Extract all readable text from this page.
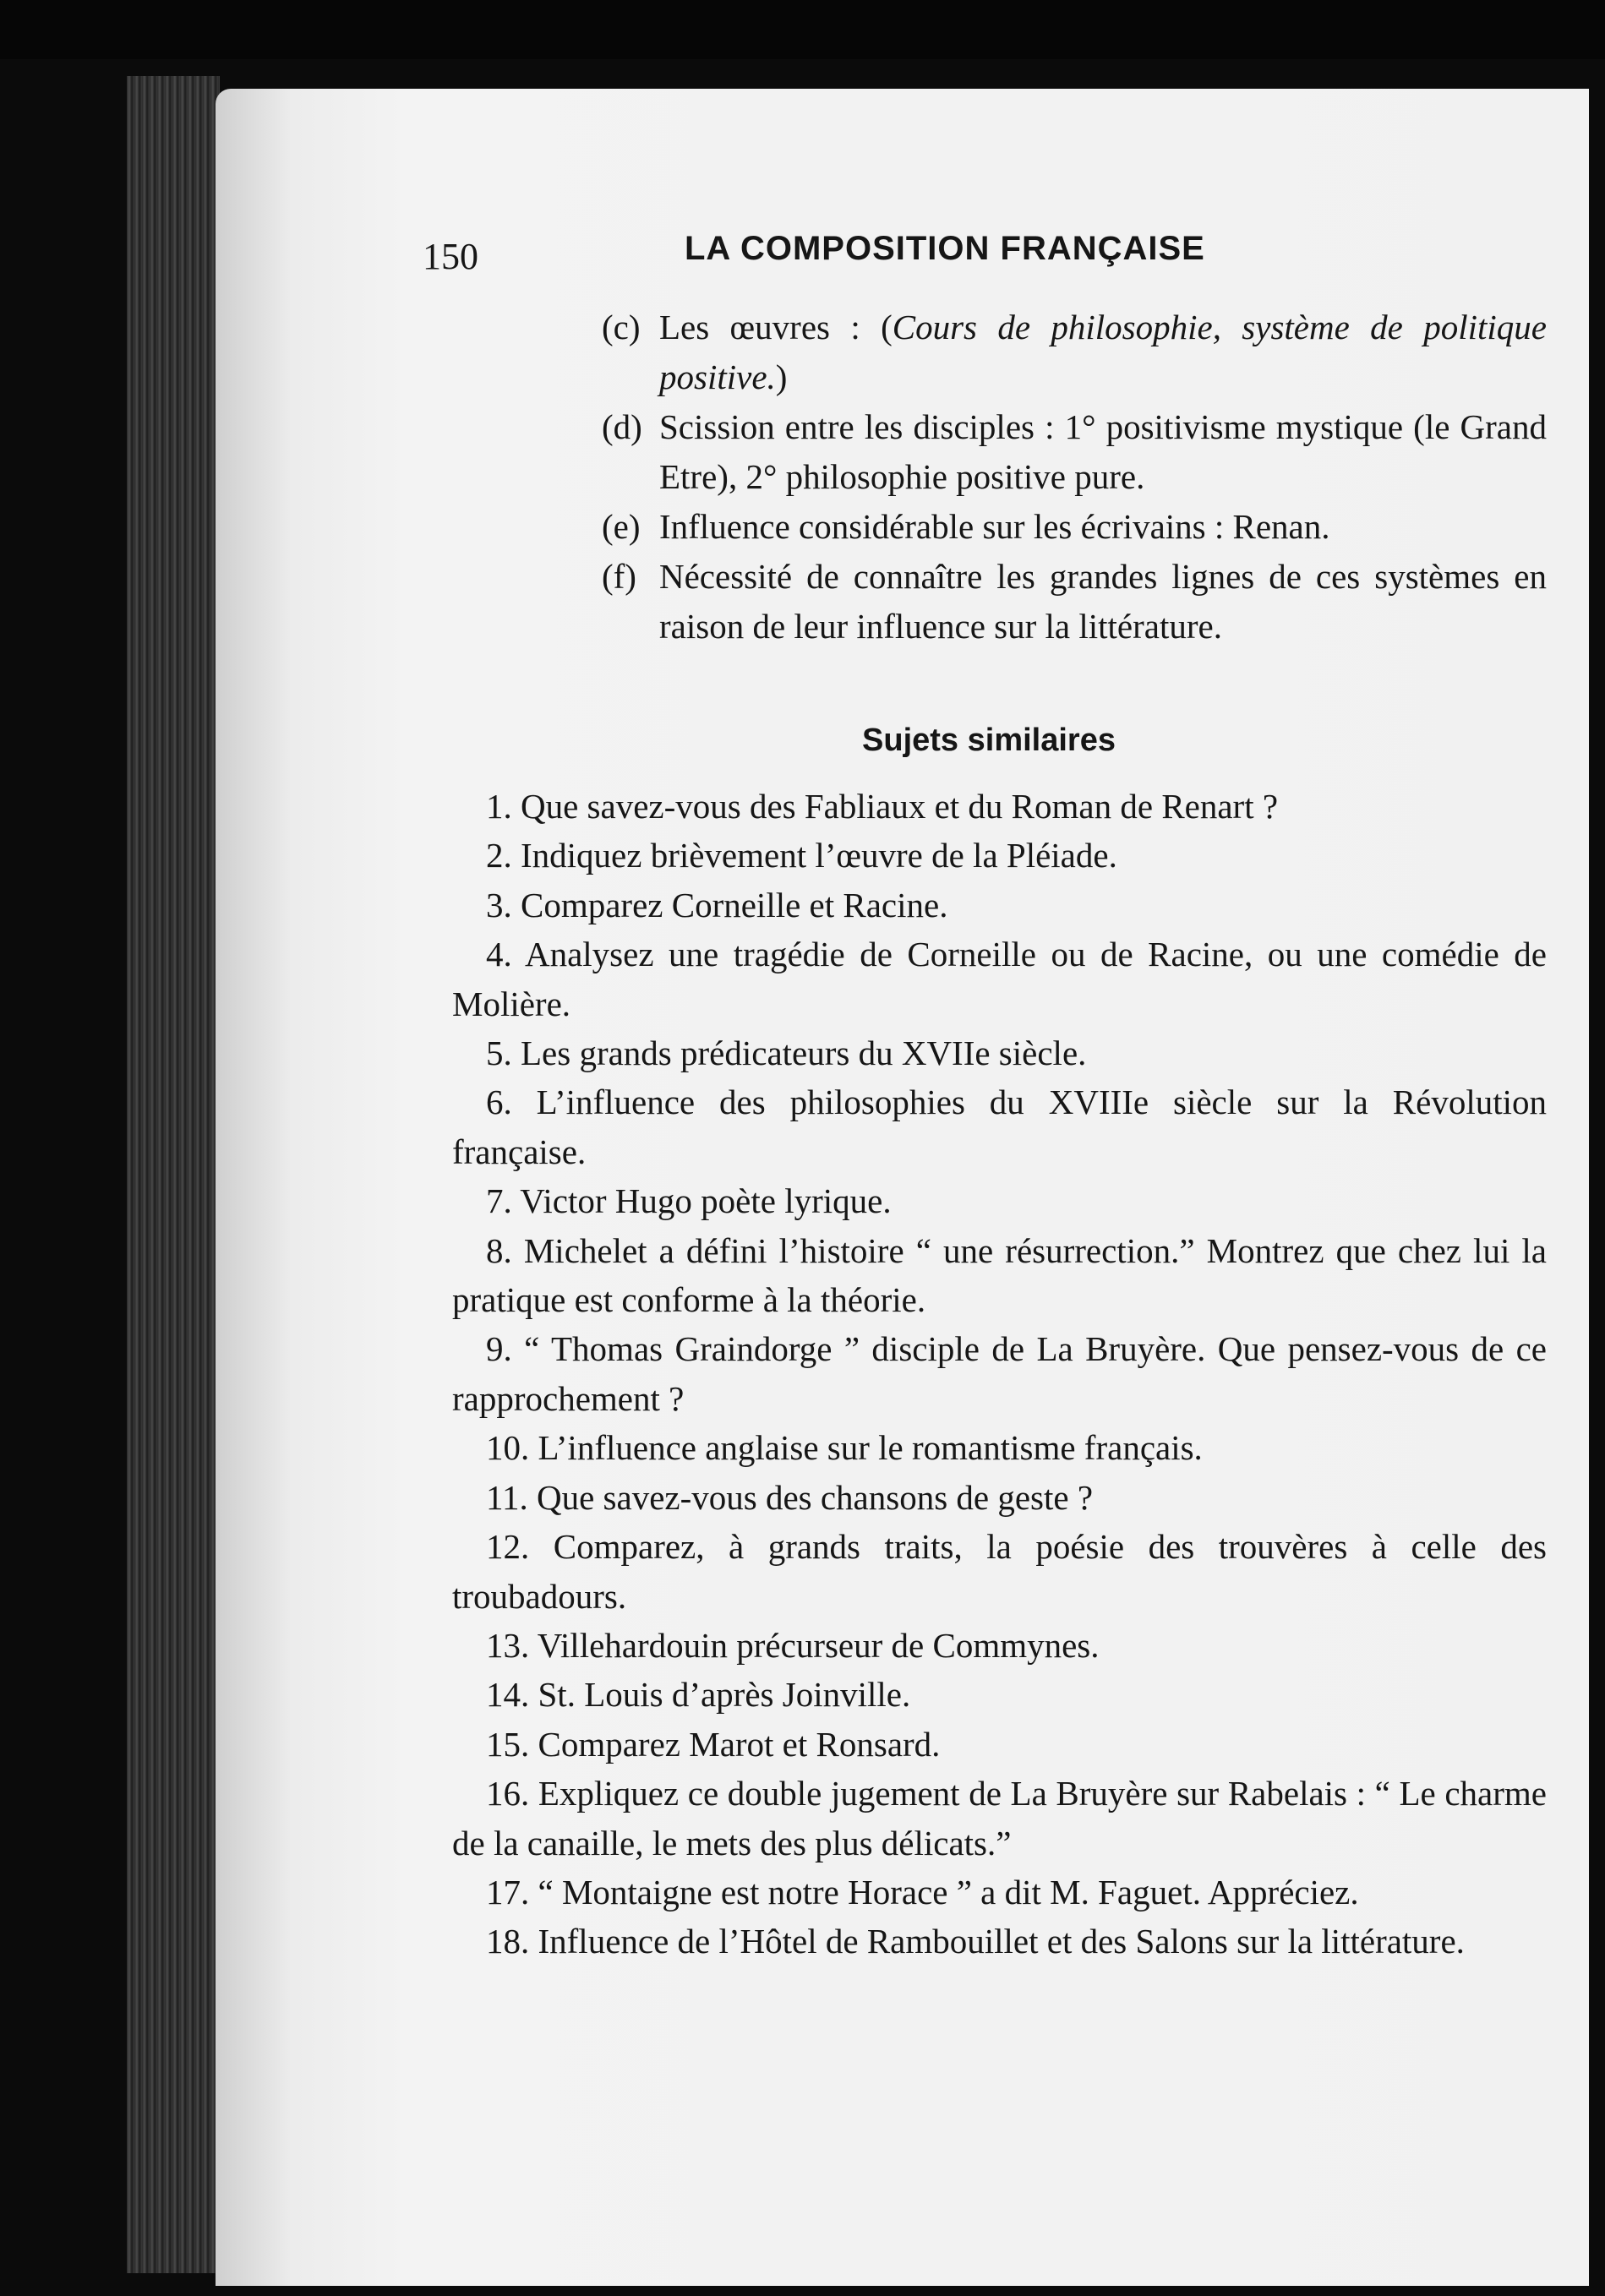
150	LA COMPOSITION FRANÇAISE

(c) Les œuvres : (Cours de philosophie, système de politique positive.)

(d) Scission entre les disciples : 1° positivisme mystique (le Grand Etre), 2° philosophie positive pure.

(e) Influence considérable sur les écrivains : Renan.

(f) Nécessité de connaître les grandes lignes de ces systèmes en raison de leur influence sur la littérature.

Sujets similaires

1. Que savez-vous des Fabliaux et du Roman de Renart ?

2. Indiquez brièvement l’œuvre de la Pléiade.

3. Comparez Corneille et Racine.

4. Analysez une tragédie de Corneille ou de Racine, ou une comédie de Molière.

5. Les grands prédicateurs du XVIIe siècle.

6. L’influence des philosophies du XVIIIe siècle sur la Révolution française.

7. Victor Hugo poète lyrique.

8. Michelet a défini l’histoire “ une résurrection.” Montrez que chez lui la pratique est conforme à la théorie.

9. “ Thomas Graindorge ” disciple de La Bruyère. Que pensez-vous de ce rapprochement ?

10. L’influence anglaise sur le romantisme français.

11. Que savez-vous des chansons de geste ?

12. Comparez, à grands traits, la poésie des trouvères à celle des troubadours.

13. Villehardouin précurseur de Commynes.

14. St. Louis d’après Joinville.

15. Comparez Marot et Ronsard.

16. Expliquez ce double jugement de La Bruyère sur Rabelais : “ Le charme de la canaille, le mets des plus délicats.”

17. “ Montaigne est notre Horace ” a dit M. Faguet. Appréciez.

18. Influence de l’Hôtel de Rambouillet et des Salons sur la littérature.
